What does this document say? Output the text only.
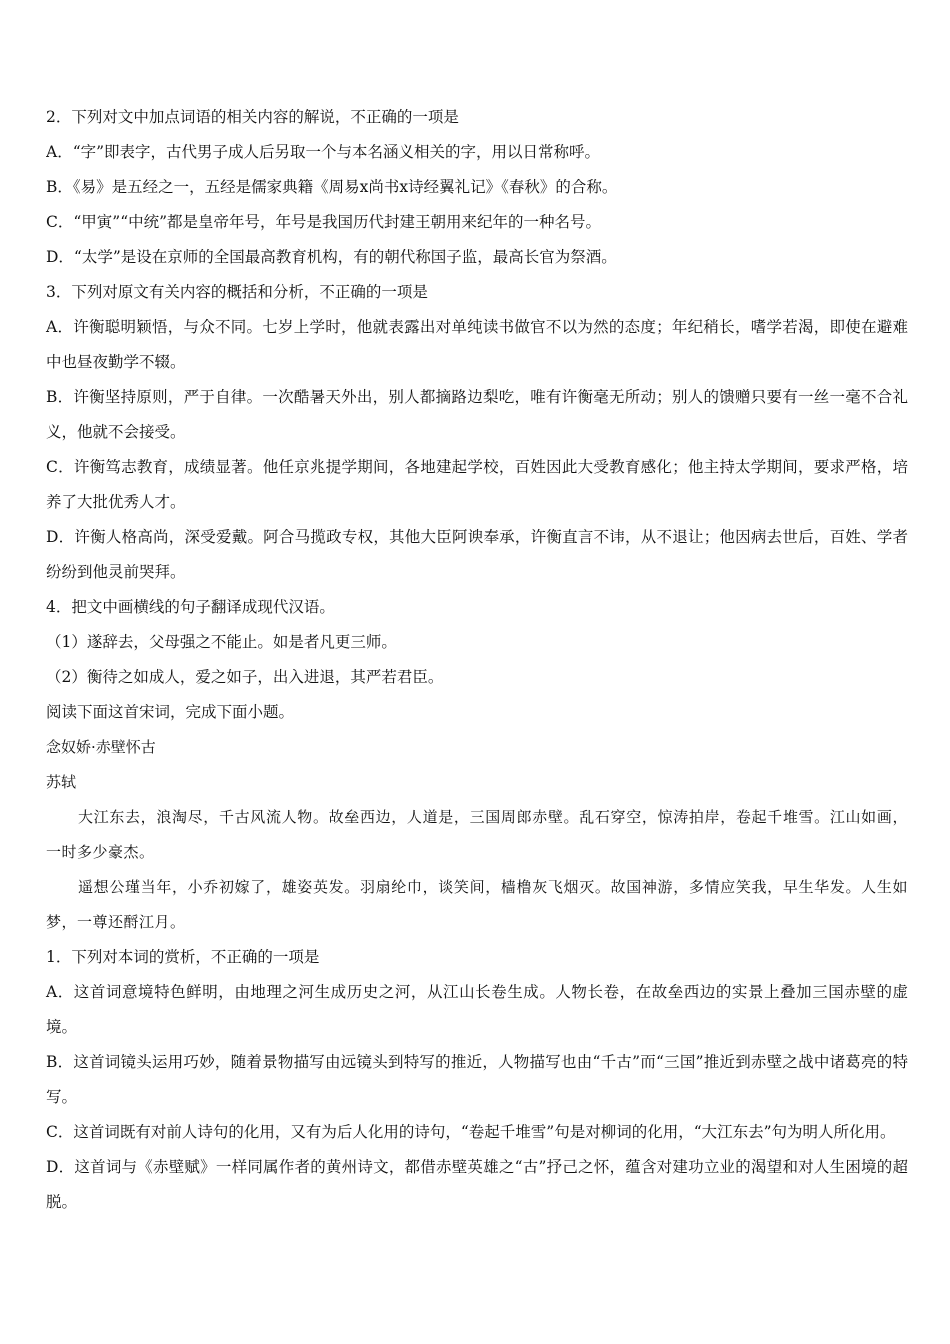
2．下列对文中加点词语的相关内容的解说，不正确的一项是
A．“字”即表字，古代男子成人后另取一个与本名涵义相关的字，用以日常称呼。
B．《易》是五经之一，五经是儒家典籍《周易ⅹ尚书ⅹ诗经翼礼记》《春秋》的合称。
C．“甲寅”“中统”都是皇帝年号，年号是我国历代封建王朝用来纪年的一种名号。
D．“太学”是设在京师的全国最高教育机构，有的朝代称国子监，最高长官为祭酒。
3．下列对原文有关内容的概括和分析，不正确的一项是
A．许衡聪明颖悟，与众不同。七岁上学时，他就表露出对单纯读书做官不以为然的态度；年纪稍长，嗜学若渴，即使在避难中也昼夜勤学不辍。
B．许衡坚持原则，严于自律。一次酷暑天外出，别人都摘路边梨吃，唯有许衡毫无所动；别人的馈赠只要有一丝一毫不合礼义，他就不会接受。
C．许衡笃志教育，成绩显著。他任京兆提学期间，各地建起学校，百姓因此大受教育感化；他主持太学期间，要求严格，培养了大批优秀人才。
D．许衡人格高尚，深受爱戴。阿合马揽政专权，其他大臣阿谀奉承，许衡直言不讳，从不退让；他因病去世后，百姓、学者纷纷到他灵前哭拜。
4．把文中画横线的句子翻译成现代汉语。
（1）遂辞去，父母强之不能止。如是者凡更三师。
（2）衡待之如成人，爱之如子，出入进退，其严若君臣。
阅读下面这首宋词，完成下面小题。
念奴娇·赤壁怀古
苏轼
大江东去，浪淘尽，千古风流人物。故垒西边，人道是，三国周郎赤壁。乱石穿空，惊涛拍岸，卷起千堆雪。江山如画，一时多少豪杰。
遥想公瑾当年，小乔初嫁了，雄姿英发。羽扇纶巾，谈笑间，樯橹灰飞烟灭。故国神游，多情应笑我，早生华发。人生如梦，一尊还酹江月。
1．下列对本词的赏析，不正确的一项是
A．这首词意境特色鲜明，由地理之河生成历史之河，从江山长卷生成。人物长卷，在故垒西边的实景上叠加三国赤壁的虚境。
B．这首词镜头运用巧妙，随着景物描写由远镜头到特写的推近，人物描写也由“千古”而“三国”推近到赤壁之战中诸葛亮的特写。
C．这首词既有对前人诗句的化用，又有为后人化用的诗句，“卷起千堆雪”句是对柳词的化用，“大江东去”句为明人所化用。
D．这首词与《赤壁赋》一样同属作者的黄州诗文，都借赤壁英雄之“古”抒己之怀，蕴含对建功立业的渴望和对人生困境的超脱。
